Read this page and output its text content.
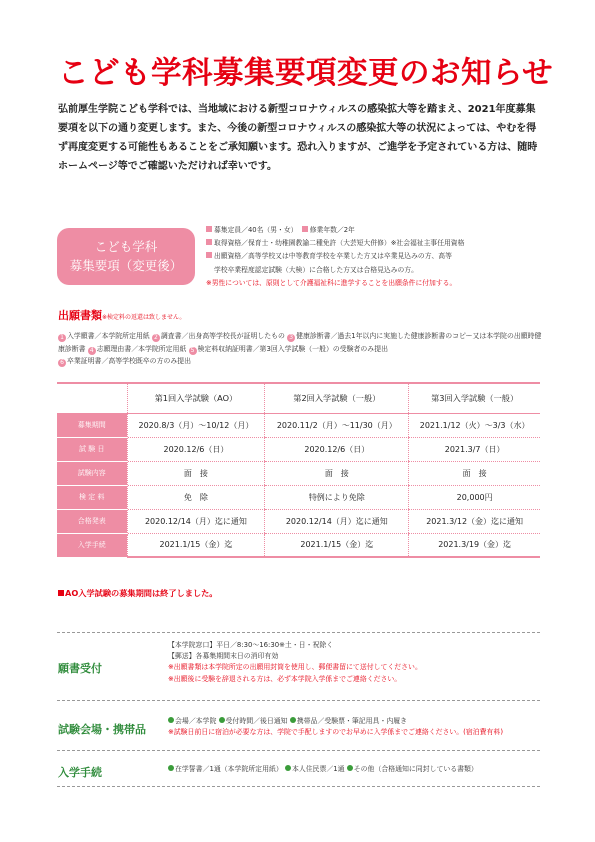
こども学科募集要項変更のお知らせ
弘前厚生学院こども学科では、当地域における新型コロナウィルスの感染拡大等を踏まえ、2021年度募集要項を以下の通り変更します。また、今後の新型コロナウィルスの感染拡大等の状況によっては、やむを得ず再度変更する可能性もあることをご承知願います。恐れ入りますが、ご進学を予定されている方は、随時ホームページ等でご確認いただければ幸いです。
こども学科
募集要項（変更後）
募集定員／40名（男・女） 修業年数／2年
取得資格／保育士・幼稚園教諭二種免許（大芸短大併修）※社会福祉主事任用資格
出願資格／高等学校又は中等教育学校を卒業した方又は卒業見込みの方、高等
学校卒業程度認定試験（大検）に合格した方又は合格見込みの方。
※男性については、原則として介護福祉科に進学することを出願条件に付加する。
出願書類※検定料の返還は致しません。
1 入学願書／本学院所定用紙 2 調査書／出身高等学校長が証明したもの 3 健康診断書／過去1年以内に実施した健康診断書のコピー又は本学院の出願時健康診断書 4 志願理由書／本学院所定用紙 5 検定料収納証明書／第3回入学試験（一般）の受験者のみ提出
6 卒業証明書／高等学校既卒の方のみ提出
	第1回入学試験（AO）	第2回入学試験（一般）	第3回入学試験（一般）
募集期間	2020.8/3（月）〜10/12（月）	2020.11/2（月）〜11/30（月）	2021.1/12（火）〜3/3（水）
試 験 日	2020.12/6（日）	2020.12/6（日）	2021.3/7（日）
試験内容	面　接	面　接	面　接
検 定 料	免　除	特例により免除	20,000円
合格発表	2020.12/14（月）迄に通知	2020.12/14（月）迄に通知	2021.3/12（金）迄に通知
入学手続	2021.1/15（金）迄	2021.1/15（金）迄	2021.3/19（金）迄
AO入学試験の募集期間は終了しました。
願書受付
【本学院窓口】平日／8:30〜16:30※土・日・祝除く
【郵送】各募集期間末日の消印有効
※出願書類は本学院所定の出願用封筒を使用し、郵便書留にて送付してください。
※出願後に受験を辞退される方は、必ず本学院入学係までご連絡ください。
試験会場・携帯品
会場／本学院 受付時間／後日通知 携帯品／受験票・筆記用具・内履き
※試験日前日に宿泊が必要な方は、学院で手配しますのでお早めに入学係までご連絡ください。(宿泊費有料)
入学手続	在学誓書／1通（本学院所定用紙） 本人住民票／1通 その他（合格通知に同封している書類）
